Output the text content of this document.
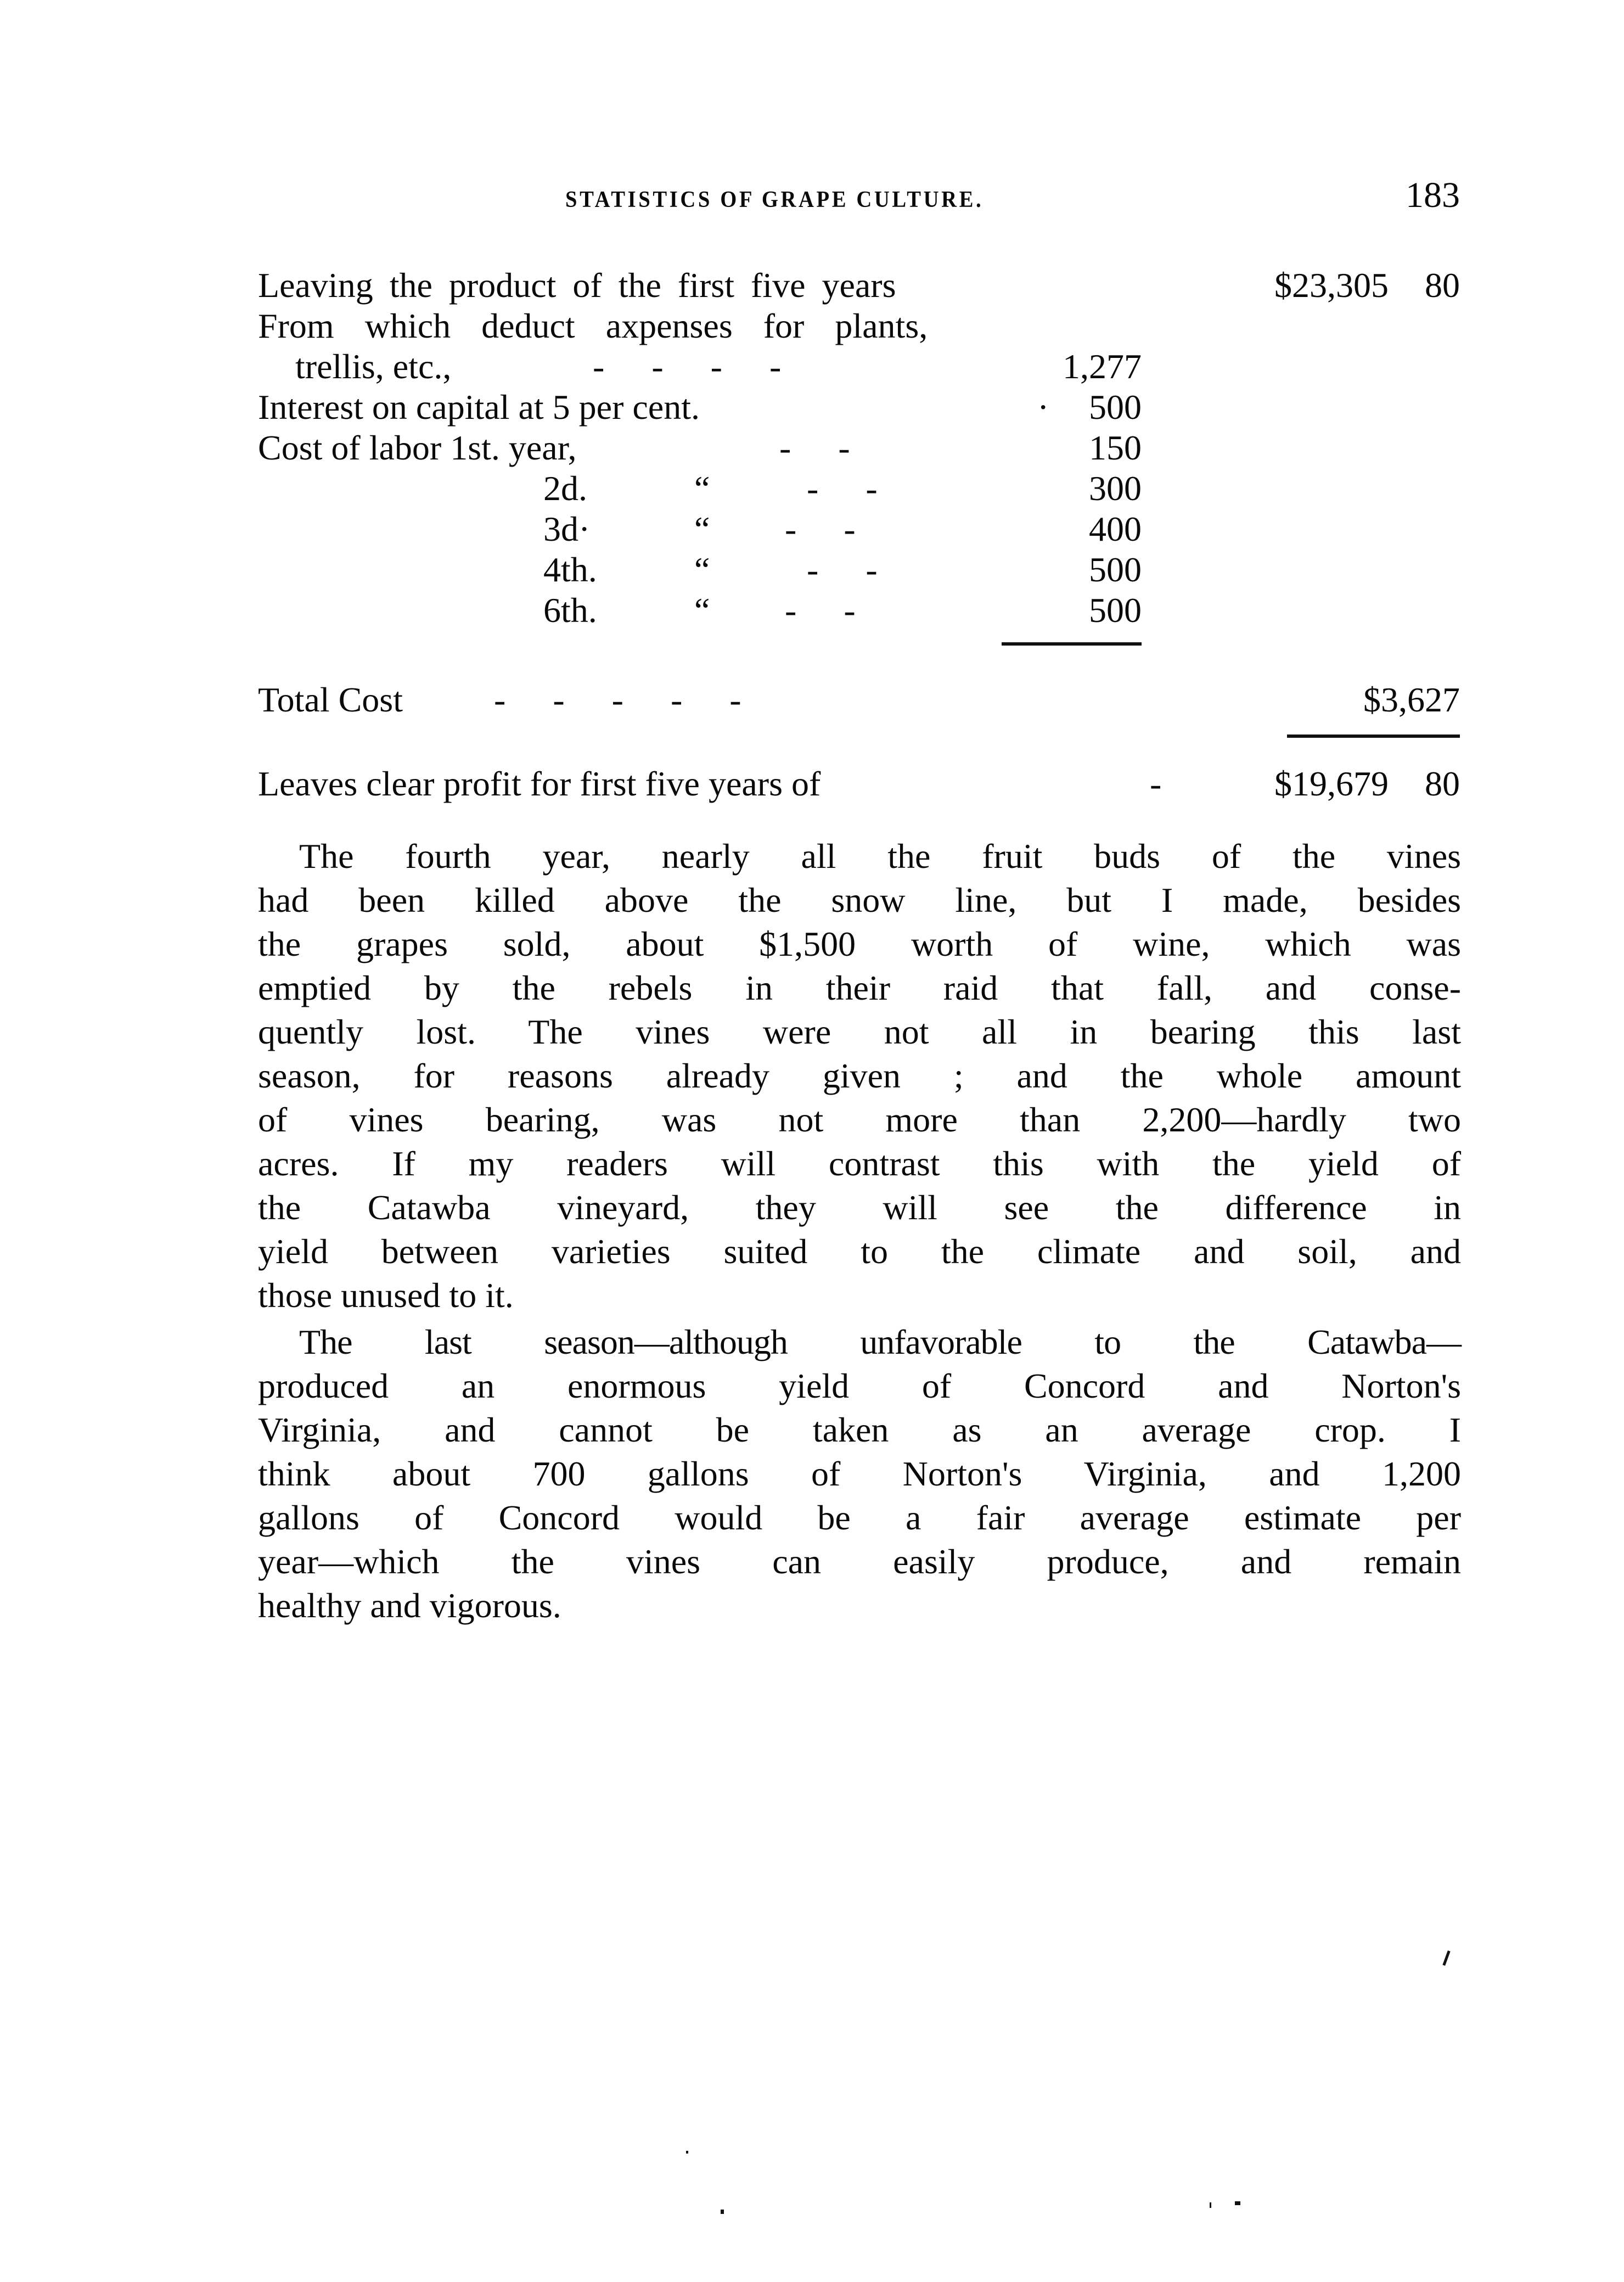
STATISTICS OF GRAPE CULTURE.	183
Leaving the product of the first five years	$23,305 80
From which deduct axpenses for plants,
trellis, etc.,	- - - -	1,277
Interest on capital at 5 per cent.	· 500
Cost of labor 1st. year,	- -	150
2d.	“	- -	300
3d·	“ - -	400
4th.	“	- -	500
6th.	“ - -	500
Total Cost	- - - - -	$3,627
Leaves clear profit for first five years of	-	$19,679 80
The fourth year, nearly all the fruit buds of the vines
had been killed above the snow line, but I made, besides
the grapes sold, about $1,500 worth of wine, which was
emptied by the rebels in their raid that fall, and conse-
quently lost. The vines were not all in bearing this last
season, for reasons already given ; and the whole amount
of vines bearing, was not more than 2,200—hardly two
acres. If my readers will contrast this with the yield of
the Catawba vineyard, they will see the difference in
yield between varieties suited to the climate and soil, and
those unused to it.
The last season—although unfavorable to the Catawba—
produced an enormous yield of Concord and Norton's
Virginia, and cannot be taken as an average crop. I
think about 700 gallons of Norton's Virginia, and 1,200
gallons of Concord would be a fair average estimate per
year—which the vines can easily produce, and remain
healthy and vigorous.
